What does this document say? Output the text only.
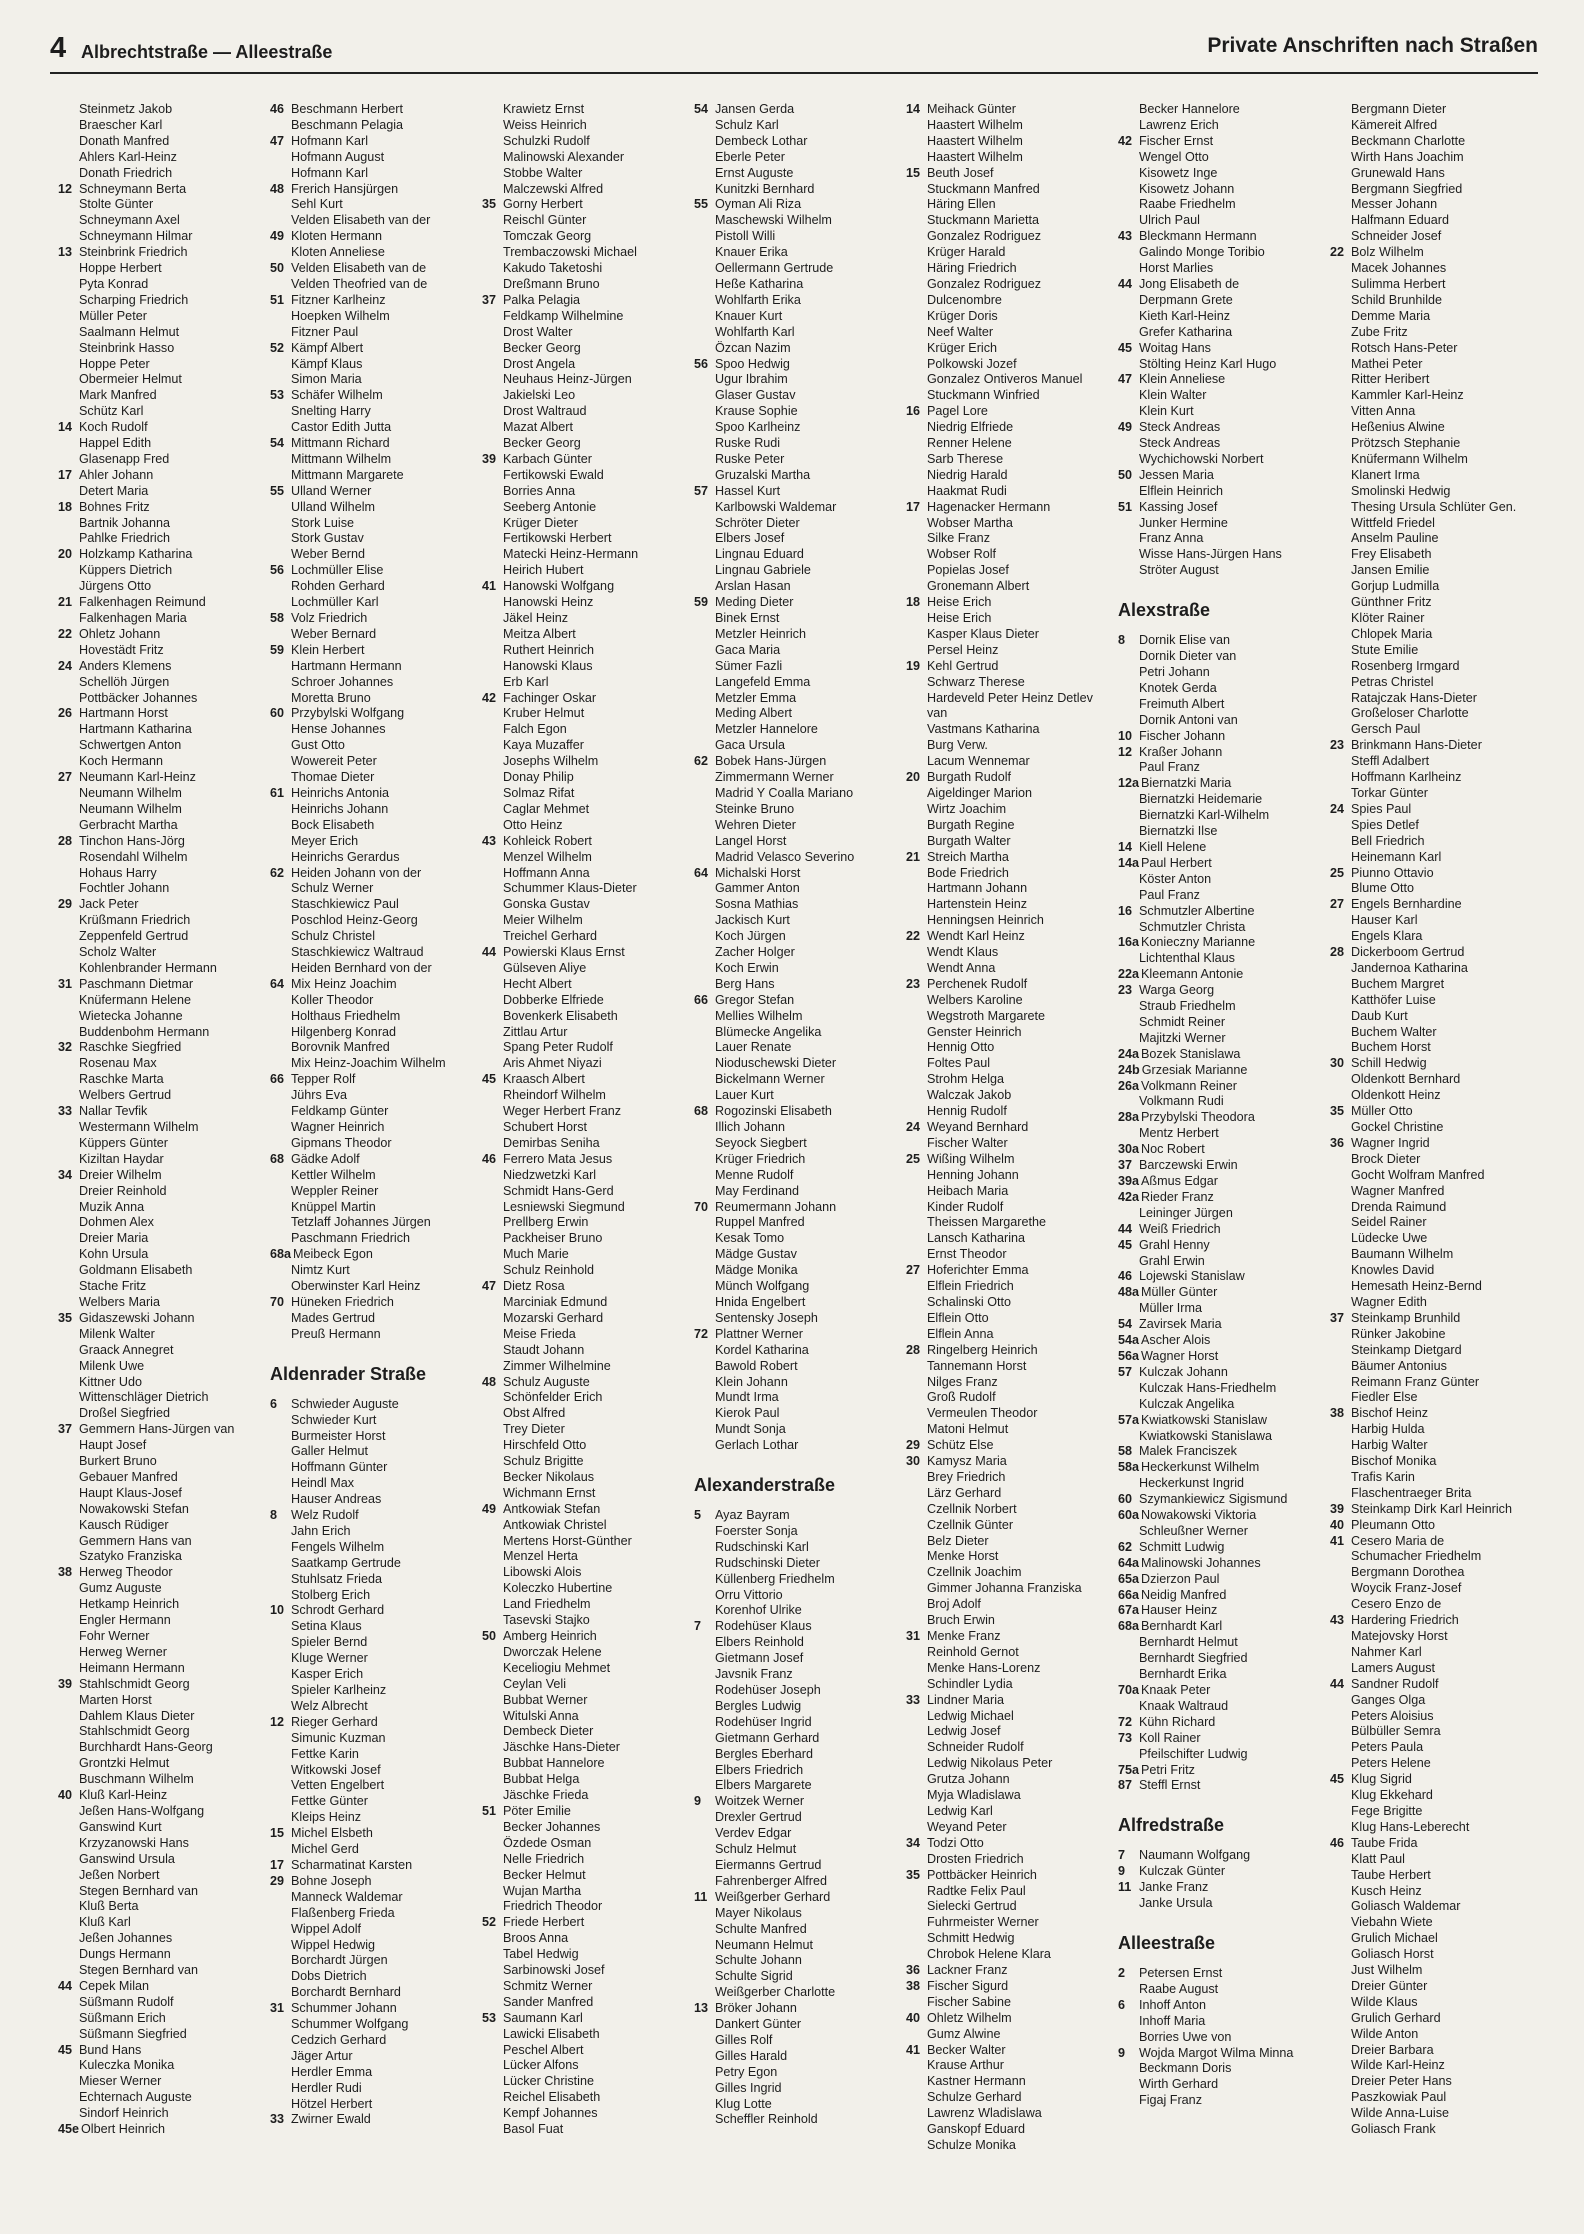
4 Albrechtstraße — Alleestraße	Private Anschriften nach Straßen
Steinmetz Jakob
Braescher Karl
Donath Manfred
Ahlers Karl-Heinz
Donath Friedrich
12 Schneymann Berta
Stolte Günter
Schneymann Axel
Schneymann Hilmar
13 Steinbrink Friedrich
Hoppe Herbert
Pyta Konrad
Scharping Friedrich
Müller Peter
Saalmann Helmut
Steinbrink Hasso
Hoppe Peter
Obermeier Helmut
Mark Manfred
Schütz Karl
14 Koch Rudolf
Happel Edith
Glasenapp Fred
17 Ahler Johann
Detert Maria
18 Bohnes Fritz
Bartnik Johanna
Pahlke Friedrich
20 Holzkamp Katharina
Küppers Dietrich
Jürgens Otto
21 Falkenhagen Reimund
Falkenhagen Maria
22 Ohletz Johann
Hovestädt Fritz
24 Anders Klemens
Schellöh Jürgen
Pottbäcker Johannes
26 Hartmann Horst
Hartmann Katharina
Schwertgen Anton
Koch Hermann
27 Neumann Karl-Heinz
Neumann Wilhelm
Neumann Wilhelm
Gerbracht Martha
28 Tinchon Hans-Jörg
Rosendahl Wilhelm
Hohaus Harry
Fochtler Johann
29 Jack Peter
Krüßmann Friedrich
Zeppenfeld Gertrud
Scholz Walter
Kohlenbrander Hermann
31 Paschmann Dietmar
Knüfermann Helene
Wietecka Johanne
Buddenbohm Hermann
32 Raschke Siegfried
Rosenau Max
Raschke Marta
Welbers Gertrud
33 Nallar Tevfik
Westermann Wilhelm
Küppers Günter
Kiziltan Haydar
34 Dreier Wilhelm
Dreier Reinhold
Muzik Anna
Dohmen Alex
Dreier Maria
Kohn Ursula
Goldmann Elisabeth
Stache Fritz
Welbers Maria
35 Gidaszewski Johann
Milenk Walter
Graack Annegret
Milenk Uwe
Kittner Udo
Wittenschläger Dietrich
Droßel Siegfried
37 Gemmern Hans-Jürgen van
Haupt Josef
Burkert Bruno
Gebauer Manfred
Haupt Klaus-Josef
Nowakowski Stefan
Kausch Rüdiger
Gemmern Hans van
Szatyko Franziska
38 Herweg Theodor
Gumz Auguste
Hetkamp Heinrich
Engler Hermann
Fohr Werner
Herweg Werner
Heimann Hermann
39 Stahlschmidt Georg
Marten Horst
Dahlem Klaus Dieter
Stahlschmidt Georg
Burchhardt Hans-Georg
Grontzki Helmut
Buschmann Wilhelm
40 Kluß Karl-Heinz
Jeßen Hans-Wolfgang
Ganswind Kurt
Krzyzanowski Hans
Ganswind Ursula
Jeßen Norbert
Stegen Bernhard van
Kluß Berta
Kluß Karl
Jeßen Johannes
Dungs Hermann
Stegen Bernhard van
44 Cepek Milan
Süßmann Rudolf
Süßmann Erich
Süßmann Siegfried
45 Bund Hans
Kuleczka Monika
Mieser Werner
Echternach Auguste
Sindorf Heinrich
45e Olbert Heinrich
46 Beschmann Herbert
Beschmann Pelagia
47 Hofmann Karl
Hofmann August
Hofmann Karl
48 Frerich Hansjürgen
Sehl Kurt
Velden Elisabeth van der
49 Kloten Hermann
Kloten Anneliese
50 Velden Elisabeth van de
Velden Theofried van de
51 Fitzner Karlheinz
Hoepken Wilhelm
Fitzner Paul
52 Kämpf Albert
Kämpf Klaus
Simon Maria
53 Schäfer Wilhelm
Snelting Harry
Castor Edith Jutta
54 Mittmann Richard
Mittmann Wilhelm
Mittmann Margarete
55 Ulland Werner
Ulland Wilhelm
Stork Luise
Stork Gustav
Weber Bernd
56 Lochmüller Elise
Rohden Gerhard
Lochmüller Karl
58 Volz Friedrich
Weber Bernard
59 Klein Herbert
Hartmann Hermann
Schroer Johannes
Moretta Bruno
60 Przybylski Wolfgang
Hense Johannes
Gust Otto
Wowereit Peter
Thomae Dieter
61 Heinrichs Antonia
Heinrichs Johann
Bock Elisabeth
Meyer Erich
Heinrichs Gerardus
62 Heiden Johann von der
Schulz Werner
Staschkiewicz Paul
Poschlod Heinz-Georg
Schulz Christel
Staschkiewicz Waltraud
Heiden Bernhard von der
64 Mix Heinz Joachim
Koller Theodor
Holthaus Friedhelm
Hilgenberg Konrad
Borovnik Manfred
Mix Heinz-Joachim Wilhelm
66 Tepper Rolf
Jührs Eva
Feldkamp Günter
Wagner Heinrich
Gipmans Theodor
68 Gädke Adolf
Kettler Wilhelm
Weppler Reiner
Knüppel Martin
Tetzlaff Johannes Jürgen
Paschmann Friedrich
68a Meibeck Egon
Nimtz Kurt
Oberwinster Karl Heinz
70 Hüneken Friedrich
Mades Gertrud
Preuß Hermann
Aldenrader Straße
6 Schwieder Auguste
Schwieder Kurt
Burmeister Horst
Galler Helmut
Hoffmann Günter
Heindl Max
Hauser Andreas
8 Welz Rudolf
Jahn Erich
Fengels Wilhelm
Saatkamp Gertrude
Stuhlsatz Frieda
Stolberg Erich
10 Schrodt Gerhard
Setina Klaus
Spieler Bernd
Kluge Werner
Kasper Erich
Spieler Karlheinz
Welz Albrecht
12 Rieger Gerhard
Simunic Kuzman
Fettke Karin
Witkowski Josef
Vetten Engelbert
Fettke Günter
Kleips Heinz
15 Michel Elsbeth
Michel Gerd
17 Scharmatinat Karsten
29 Bohne Joseph
Manneck Waldemar
Flaßenberg Frieda
Wippel Adolf
Wippel Hedwig
Borchardt Jürgen
Dobs Dietrich
Borchardt Bernhard
31 Schummer Johann
Schummer Wolfgang
Cedzich Gerhard
Jäger Artur
Herdler Emma
Herdler Rudi
Hötzel Herbert
33 Zwirner Ewald
Krawietz Ernst
Weiss Heinrich
Schulzki Rudolf
Malinowski Alexander
Stobbe Walter
Malczewski Alfred
35 Gorny Herbert
Reischl Günter
Tomczak Georg
Trembaczowski Michael
Kakudo Taketoshi
Dreßmann Bruno
37 Palka Pelagia
Feldkamp Wilhelmine
Drost Walter
Becker Georg
Drost Angela
Neuhaus Heinz-Jürgen
Jakielski Leo
Drost Waltraud
Mazat Albert
Becker Georg
39 Karbach Günter
Fertikowski Ewald
Borries Anna
Seeberg Antonie
Krüger Dieter
Fertikowski Herbert
Matecki Heinz-Hermann
Heirich Hubert
41 Hanowski Wolfgang
Hanowski Heinz
Jäkel Heinz
Meitza Albert
Ruthert Heinrich
Hanowski Klaus
Erb Karl
42 Fachinger Oskar
Kruber Helmut
Falch Egon
Kaya Muzaffer
Josephs Wilhelm
Donay Philip
Solmaz Rifat
Caglar Mehmet
Otto Heinz
43 Kohleick Robert
Menzel Wilhelm
Hoffmann Anna
Schummer Klaus-Dieter
Gonska Gustav
Meier Wilhelm
Treichel Gerhard
44 Powierski Klaus Ernst
Gülseven Aliye
Hecht Albert
Dobberke Elfriede
Bovenkerk Elisabeth
Zittlau Artur
Spang Peter Rudolf
Aris Ahmet Niyazi
45 Kraasch Albert
Rheindorf Wilhelm
Weger Herbert Franz
Schubert Horst
Demirbas Seniha
46 Ferrero Mata Jesus
Niedzwetzki Karl
Schmidt Hans-Gerd
Lesniewski Siegmund
Prellberg Erwin
Packheiser Bruno
Much Marie
Schulz Reinhold
47 Dietz Rosa
Marciniak Edmund
Mozarski Gerhard
Meise Frieda
Staudt Johann
Zimmer Wilhelmine
48 Schulz Auguste
Schönfelder Erich
Obst Alfred
Trey Dieter
Hirschfeld Otto
Schulz Brigitte
Becker Nikolaus
Wichmann Ernst
49 Antkowiak Stefan
Antkowiak Christel
Mertens Horst-Günther
Menzel Herta
Libowski Alois
Koleczko Hubertine
Land Friedhelm
Tasevski Stajko
50 Amberg Heinrich
Dworczak Helene
Keceliogiu Mehmet
Ceylan Veli
Bubbat Werner
Witulski Anna
Dembeck Dieter
Jäschke Hans-Dieter
Bubbat Hannelore
Bubbat Helga
Jäschke Frieda
51 Pöter Emilie
Becker Johannes
Özdede Osman
Nelle Friedrich
Becker Helmut
Wujan Martha
Friedrich Theodor
52 Friede Herbert
Broos Anna
Tabel Hedwig
Sarbinowski Josef
Schmitz Werner
Sander Manfred
53 Saumann Karl
Lawicki Elisabeth
Peschel Albert
Lücker Alfons
Lücker Christine
Reichel Elisabeth
Kempf Johannes
Basol Fuat
54 Jansen Gerda
Schulz Karl
Dembeck Lothar
Eberle Peter
Ernst Auguste
Kunitzki Bernhard
55 Oyman Ali Riza
Maschewski Wilhelm
Pistoll Willi
Knauer Erika
Oellermann Gertrude
Heße Katharina
Wohlfarth Erika
Knauer Kurt
Wohlfarth Karl
Özcan Nazim
56 Spoo Hedwig
Ugur Ibrahim
Glaser Gustav
Krause Sophie
Spoo Karlheinz
Ruske Rudi
Ruske Peter
Gruzalski Martha
57 Hassel Kurt
Karlbowski Waldemar
Schröter Dieter
Elbers Josef
Lingnau Eduard
Lingnau Gabriele
Arslan Hasan
59 Meding Dieter
Binek Ernst
Metzler Heinrich
Gaca Maria
Sümer Fazli
Langefeld Emma
Metzler Emma
Meding Albert
Metzler Hannelore
Gaca Ursula
62 Bobek Hans-Jürgen
Zimmermann Werner
Madrid Y Coalla Mariano
Steinke Bruno
Wehren Dieter
Langel Horst
Madrid Velasco Severino
64 Michalski Horst
Gammer Anton
Sosna Mathias
Jackisch Kurt
Koch Jürgen
Zacher Holger
Koch Erwin
Berg Hans
66 Gregor Stefan
Mellies Wilhelm
Blümecke Angelika
Lauer Renate
Nioduschewski Dieter
Bickelmann Werner
Lauer Kurt
68 Rogozinski Elisabeth
Illich Johann
Seyock Siegbert
Krüger Friedrich
Menne Rudolf
May Ferdinand
70 Reumermann Johann
Ruppel Manfred
Kesak Tomo
Mädge Gustav
Mädge Monika
Münch Wolfgang
Hnida Engelbert
Sentensky Joseph
72 Plattner Werner
Kordel Katharina
Bawold Robert
Klein Johann
Mundt Irma
Kierok Paul
Mundt Sonja
Gerlach Lothar
Alexanderstraße
5 Ayaz Bayram
Foerster Sonja
Rudschinski Karl
Rudschinski Dieter
Küllenberg Friedhelm
Orru Vittorio
Korenhof Ulrike
7 Rodehüser Klaus
Elbers Reinhold
Gietmann Josef
Javsnik Franz
Rodehüser Joseph
Bergles Ludwig
Rodehüser Ingrid
Gietmann Gerhard
Bergles Eberhard
Elbers Friedrich
Elbers Margarete
9 Woitzek Werner
Drexler Gertrud
Verdev Edgar
Schulz Helmut
Eiermanns Gertrud
Fahrenberger Alfred
11 Weißgerber Gerhard
Mayer Nikolaus
Schulte Manfred
Neumann Helmut
Schulte Johann
Schulte Sigrid
Weißgerber Charlotte
13 Bröker Johann
Dankert Günter
Gilles Rolf
Gilles Harald
Petry Egon
Gilles Ingrid
Klug Lotte
Scheffler Reinhold
14 Meihack Günter
Haastert Wilhelm
Haastert Wilhelm
Haastert Wilhelm
15 Beuth Josef
Stuckmann Manfred
Häring Ellen
Stuckmann Marietta
Gonzalez Rodriguez
Krüger Harald
Häring Friedrich
Gonzalez Rodriguez
Dulcenombre
Krüger Doris
Neef Walter
Krüger Erich
Polkowski Jozef
Gonzalez Ontiveros Manuel
Stuckmann Winfried
16 Pagel Lore
Niedrig Elfriede
Renner Helene
Sarb Therese
Niedrig Harald
Haakmat Rudi
17 Hagenacker Hermann
Wobser Martha
Silke Franz
Wobser Rolf
Popielas Josef
Gronemann Albert
18 Heise Erich
Heise Erich
Kasper Klaus Dieter
Persel Heinz
19 Kehl Gertrud
Schwarz Therese
Hardeveld Peter Heinz Detlev
van
Vastmans Katharina
Burg Verw.
Lacum Wennemar
20 Burgath Rudolf
Aigeldinger Marion
Wirtz Joachim
Burgath Regine
Burgath Walter
21 Streich Martha
Bode Friedrich
Hartmann Johann
Hartenstein Heinz
Henningsen Heinrich
22 Wendt Karl Heinz
Wendt Klaus
Wendt Anna
23 Perchenek Rudolf
Welbers Karoline
Wegstroth Margarete
Genster Heinrich
Hennig Otto
Foltes Paul
Strohm Helga
Walczak Jakob
Hennig Rudolf
24 Weyand Bernhard
Fischer Walter
25 Wißing Wilhelm
Henning Johann
Heibach Maria
Kinder Rudolf
Theissen Margarethe
Lansch Katharina
Ernst Theodor
27 Hoferichter Emma
Elflein Friedrich
Schalinski Otto
Elflein Otto
Elflein Anna
28 Ringelberg Heinrich
Tannemann Horst
Nilges Franz
Groß Rudolf
Vermeulen Theodor
Matoni Helmut
29 Schütz Else
30 Kamysz Maria
Brey Friedrich
Lärz Gerhard
Czellnik Norbert
Czellnik Günter
Belz Dieter
Menke Horst
Czellnik Joachim
Gimmer Johanna Franziska
Broj Adolf
Bruch Erwin
31 Menke Franz
Reinhold Gernot
Menke Hans-Lorenz
Schindler Lydia
33 Lindner Maria
Ledwig Michael
Ledwig Josef
Schneider Rudolf
Ledwig Nikolaus Peter
Grutza Johann
Myja Wladislawa
Ledwig Karl
Weyand Peter
34 Todzi Otto
Drosten Friedrich
35 Pottbäcker Heinrich
Radtke Felix Paul
Sielecki Gertrud
Fuhrmeister Werner
Schmitt Hedwig
Chrobok Helene Klara
36 Lackner Franz
38 Fischer Sigurd
Fischer Sabine
40 Ohletz Wilhelm
Gumz Alwine
41 Becker Walter
Krause Arthur
Kastner Hermann
Schulze Gerhard
Lawrenz Wladislawa
Ganskopf Eduard
Schulze Monika
Becker Hannelore
Lawrenz Erich
42 Fischer Ernst
Wengel Otto
Kisowetz Inge
Kisowetz Johann
Raabe Friedhelm
Ulrich Paul
43 Bleckmann Hermann
Galindo Monge Toribio
Horst Marlies
44 Jong Elisabeth de
Derpmann Grete
Kieth Karl-Heinz
Grefer Katharina
45 Woitag Hans
Stölting Heinz Karl Hugo
47 Klein Anneliese
Klein Walter
Klein Kurt
49 Steck Andreas
Steck Andreas
Wychichowski Norbert
50 Jessen Maria
Elflein Heinrich
51 Kassing Josef
Junker Hermine
Franz Anna
Wisse Hans-Jürgen Hans
Ströter August
Alexstraße
8 Dornik Elise van
Dornik Dieter van
Petri Johann
Knotek Gerda
Freimuth Albert
Dornik Antoni van
10 Fischer Johann
12 Kraßer Johann
Paul Franz
12a Biernatzki Maria
Biernatzki Heidemarie
Biernatzki Karl-Wilhelm
Biernatzki Ilse
14 Kiell Helene
14a Paul Herbert
Köster Anton
Paul Franz
16 Schmutzler Albertine
Schmutzler Christa
16a Konieczny Marianne
Lichtenthal Klaus
22a Kleemann Antonie
23 Warga Georg
Straub Friedhelm
Schmidt Reiner
Majitzki Werner
24a Bozek Stanislawa
24b Grzesiak Marianne
26a Volkmann Reiner
Volkmann Rudi
28a Przybylski Theodora
Mentz Herbert
30a Noc Robert
37 Barczewski Erwin
39a Aßmus Edgar
42a Rieder Franz
Leininger Jürgen
44 Weiß Friedrich
45 Grahl Henny
Grahl Erwin
46 Lojewski Stanislaw
48a Müller Günter
Müller Irma
54 Zavirsek Maria
54a Ascher Alois
56a Wagner Horst
57 Kulczak Johann
Kulczak Hans-Friedhelm
Kulczak Angelika
57a Kwiatkowski Stanislaw
Kwiatkowski Stanislawa
58 Malek Franciszek
58a Heckerkunst Wilhelm
Heckerkunst Ingrid
60 Szymankiewicz Sigismund
60a Nowakowski Viktoria
Schleußner Werner
62 Schmitt Ludwig
64a Malinowski Johannes
65a Dzierzon Paul
66a Neidig Manfred
67a Hauser Heinz
68a Bernhardt Karl
Bernhardt Helmut
Bernhardt Siegfried
Bernhardt Erika
70a Knaak Peter
Knaak Waltraud
72 Kühn Richard
73 Koll Rainer
Pfeilschifter Ludwig
75a Petri Fritz
87 Steffl Ernst
Alfredstraße
7 Naumann Wolfgang
9 Kulczak Günter
11 Janke Franz
Janke Ursula
Alleestraße
2 Petersen Ernst
Raabe August
6 Inhoff Anton
Inhoff Maria
Borries Uwe von
9 Wojda Margot Wilma Minna
Beckmann Doris
Wirth Gerhard
Figaj Franz
Bergmann Dieter
Kämereit Alfred
Beckmann Charlotte
Wirth Hans Joachim
Grunewald Hans
Bergmann Siegfried
Messer Johann
Halfmann Eduard
Schneider Josef
22 Bolz Wilhelm
Macek Johannes
Sulimma Herbert
Schild Brunhilde
Demme Maria
Zube Fritz
Rotsch Hans-Peter
Mathei Peter
Ritter Heribert
Kammler Karl-Heinz
Vitten Anna
Heßenius Alwine
Prötzsch Stephanie
Knüfermann Wilhelm
Klanert Irma
Smolinski Hedwig
Thesing Ursula Schlüter Gen.
Wittfeld Friedel
Anselm Pauline
Frey Elisabeth
Jansen Emilie
Gorjup Ludmilla
Günthner Fritz
Klöter Rainer
Chlopek Maria
Stute Emilie
Rosenberg Irmgard
Petras Christel
Ratajczak Hans-Dieter
Großeloser Charlotte
Gersch Paul
23 Brinkmann Hans-Dieter
Steffl Adalbert
Hoffmann Karlheinz
Torkar Günter
24 Spies Paul
Spies Detlef
Bell Friedrich
Heinemann Karl
25 Piunno Ottavio
Blume Otto
27 Engels Bernhardine
Hauser Karl
Engels Klara
28 Dickerboom Gertrud
Jandernoa Katharina
Buchem Margret
Katthöfer Luise
Daub Kurt
Buchem Walter
Buchem Horst
30 Schill Hedwig
Oldenkott Bernhard
Oldenkott Heinz
35 Müller Otto
Gockel Christine
36 Wagner Ingrid
Brock Dieter
Gocht Wolfram Manfred
Wagner Manfred
Drenda Raimund
Seidel Rainer
Lüdecke Uwe
Baumann Wilhelm
Knowles David
Hemesath Heinz-Bernd
Wagner Edith
37 Steinkamp Brunhild
Rünker Jakobine
Steinkamp Dietgard
Bäumer Antonius
Reimann Franz Günter
Fiedler Else
38 Bischof Heinz
Harbig Hulda
Harbig Walter
Bischof Monika
Trafis Karin
Flaschentraeger Brita
39 Steinkamp Dirk Karl Heinrich
40 Pleumann Otto
41 Cesero Maria de
Schumacher Friedhelm
Bergmann Dorothea
Woycik Franz-Josef
Cesero Enzo de
43 Hardering Friedrich
Matejovsky Horst
Nahmer Karl
Lamers August
44 Sandner Rudolf
Ganges Olga
Peters Aloisius
Bülbüller Semra
Peters Paula
Peters Helene
45 Klug Sigrid
Klug Ekkehard
Fege Brigitte
Klug Hans-Leberecht
46 Taube Frida
Klatt Paul
Taube Herbert
Kusch Heinz
Goliasch Waldemar
Viebahn Wiete
Grulich Michael
Goliasch Horst
Just Wilhelm
Dreier Günter
Wilde Klaus
Grulich Gerhard
Wilde Anton
Dreier Barbara
Wilde Karl-Heinz
Dreier Peter Hans
Paszkowiak Paul
Wilde Anna-Luise
Goliasch Frank
